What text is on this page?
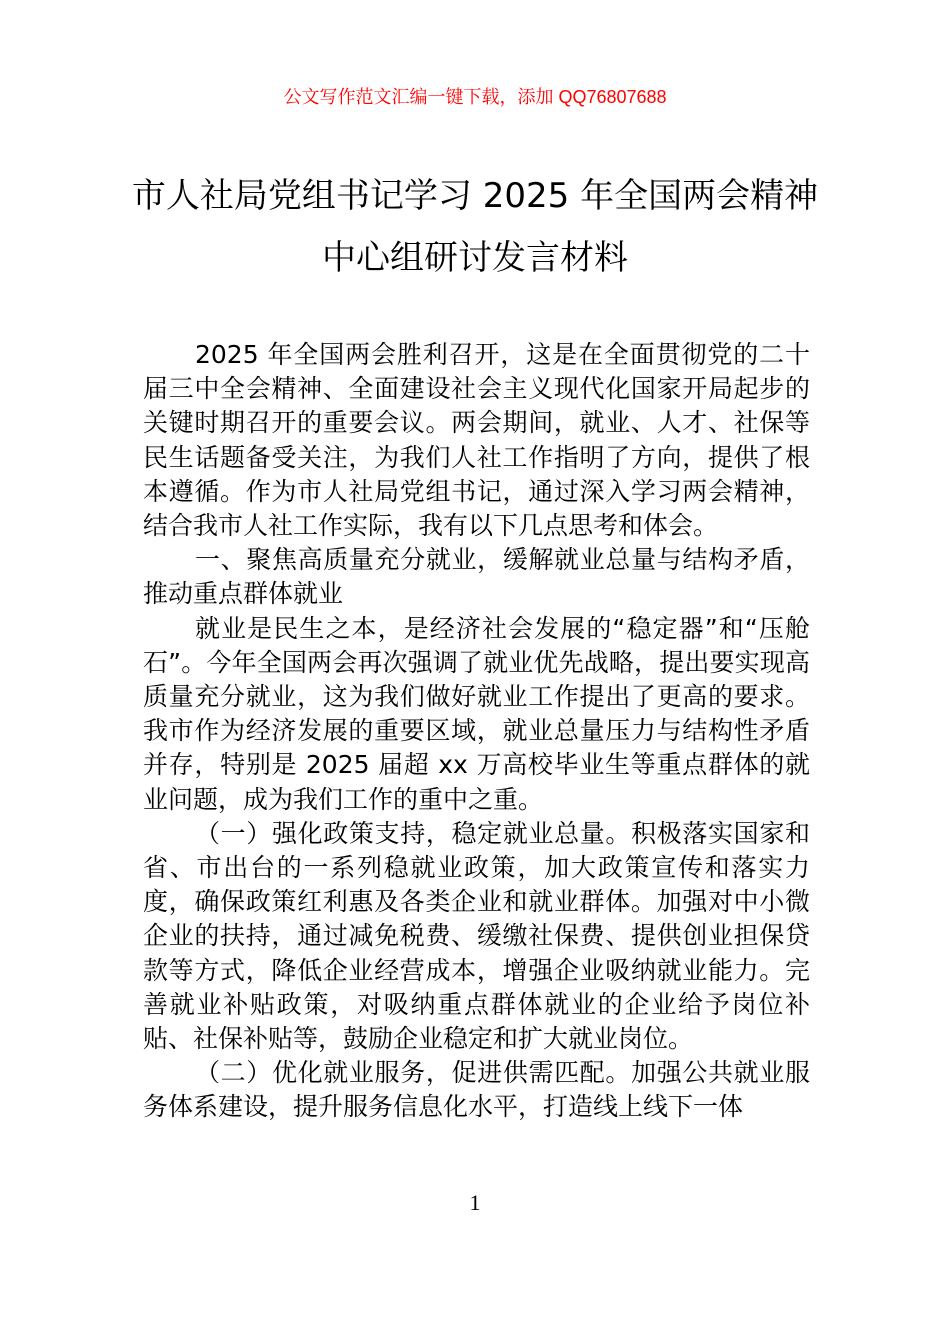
公文写作范文汇编一键下载，添加 QQ76807688
市人社局党组书记学习 2025 年全国两会精神中心组研讨发言材料

2025 年全国两会胜利召开，这是在全面贯彻党的二十届三中全会精神、全面建设社会主义现代化国家开局起步的关键时期召开的重要会议。两会期间，就业、人才、社保等民生话题备受关注，为我们人社工作指明了方向，提供了根本遵循。作为市人社局党组书记，通过深入学习两会精神，结合我市人社工作实际，我有以下几点思考和体会。

一、聚焦高质量充分就业，缓解就业总量与结构矛盾，推动重点群体就业

就业是民生之本，是经济社会发展的“稳定器”和“压舱石”。今年全国两会再次强调了就业优先战略，提出要实现高质量充分就业，这为我们做好就业工作提出了更高的要求。我市作为经济发展的重要区域，就业总量压力与结构性矛盾并存，特别是 2025 届超 xx 万高校毕业生等重点群体的就业问题，成为我们工作的重中之重。

（一）强化政策支持，稳定就业总量。积极落实国家和省、市出台的一系列稳就业政策，加大政策宣传和落实力度，确保政策红利惠及各类企业和就业群体。加强对中小微企业的扶持，通过减免税费、缓缴社保费、提供创业担保贷款等方式，降低企业经营成本，增强企业吸纳就业能力。完善就业补贴政策，对吸纳重点群体就业的企业给予岗位补贴、社保补贴等，鼓励企业稳定和扩大就业岗位。

（二）优化就业服务，促进供需匹配。加强公共就业服务体系建设，提升服务信息化水平，打造线上线下一体

1
